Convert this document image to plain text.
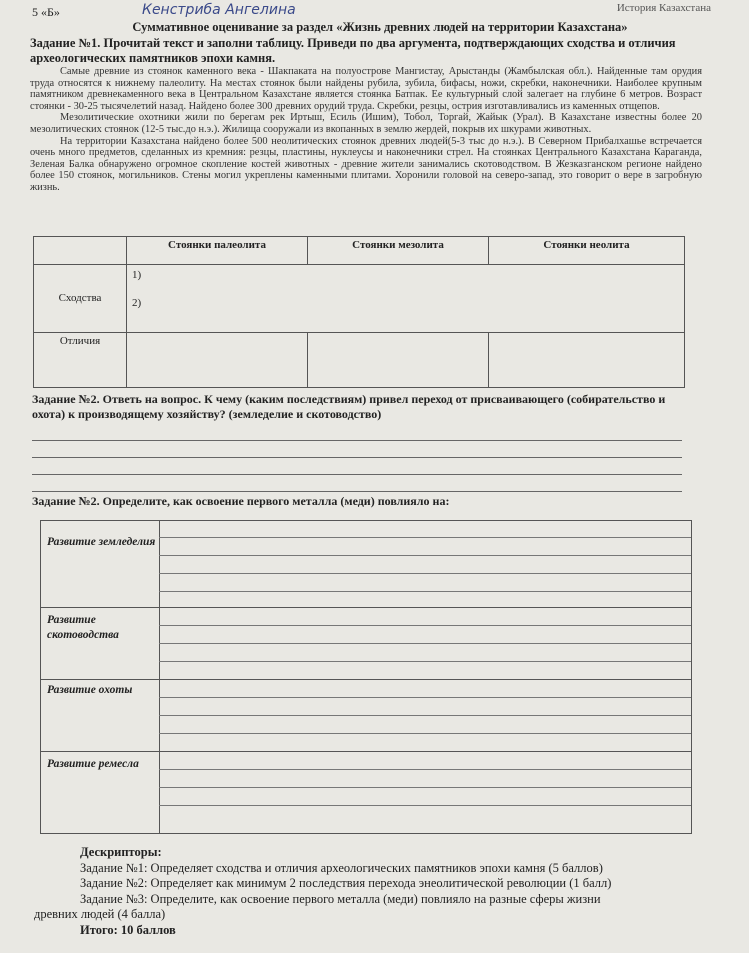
5 «Б»	Кенстриба Ангелина	История Казахстана
Суммативное оценивание за раздел «Жизнь древних людей на территории Казахстана»
Задание №1. Прочитай текст и заполни таблицу. Приведи по два аргумента, подтверждающих сходства и отличия археологических памятников эпохи камня.

Самые древние из стоянок каменного века - Шакпаката на полуострове Мангистау, Арыстанды (Жамбылская обл.). Найденные там орудия труда относятся к нижнему палеолиту. На местах стоянок были найдены рубила, зубила, бифасы, ножи, скребки, наконечники. Наиболее крупным памятником древнекаменного века в Центральном Казахстане является стоянка Батпак. Ее культурный слой залегает на глубине 6 метров. Возраст стоянки - 30-25 тысячелетий назад. Найдено более 300 древних орудий труда. Скребки, резцы, острия изготавливались из каменных отщепов.

Мезолитические охотники жили по берегам рек Иртыш, Есиль (Ишим), Тобол, Торгай, Жайык (Урал). В Казахстане известны более 20 мезолитических стоянок (12-5 тыс.до н.э.). Жилища сооружали из вкопанных в землю жердей, покрыв их шкурами животных.

На территории Казахстана найдено более 500 неолитических стоянок древних людей(5-3 тыс до н.э.). В Северном Прибалхашье встречается очень много предметов, сделанных из кремния: резцы, пластины, нуклеусы и наконечники стрел. На стоянках Центрального Казахстана Караганда, Зеленая Балка обнаружено огромное скопление костей животных - древние жители занимались скотоводством. В Жезказганском регионе найдено более 150 стоянок, могильников. Стены могил укреплены каменными плитами. Хоронили головой на северо-запад, это говорит о вере в загробную жизнь.

	Стоянки палеолита	Стоянки мезолита	Стоянки неолита
Сходства	1)
2)		

Отличия			
Задание №2. Ответь на вопрос. К чему (каким последствиям) привел переход от присваивающего (собирательство и охота) к производящему хозяйству? (земледелие и скотоводство)
Задание №2. Определите, как освоение первого металла (меди) повлияло на:
Развитие земледелия
Развитие скотоводства
Развитие охоты
Развитие ремесла
Дескрипторы:
Задание №1: Определяет сходства и отличия археологических памятников эпохи камня (5 баллов)
Задание №2: Определяет как минимум 2 последствия перехода энеолитической революции (1 балл)
Задание №3: Определите, как освоение первого металла (меди) повлияло на разные сферы жизни
древних людей (4 балла)
Итого: 10 баллов
